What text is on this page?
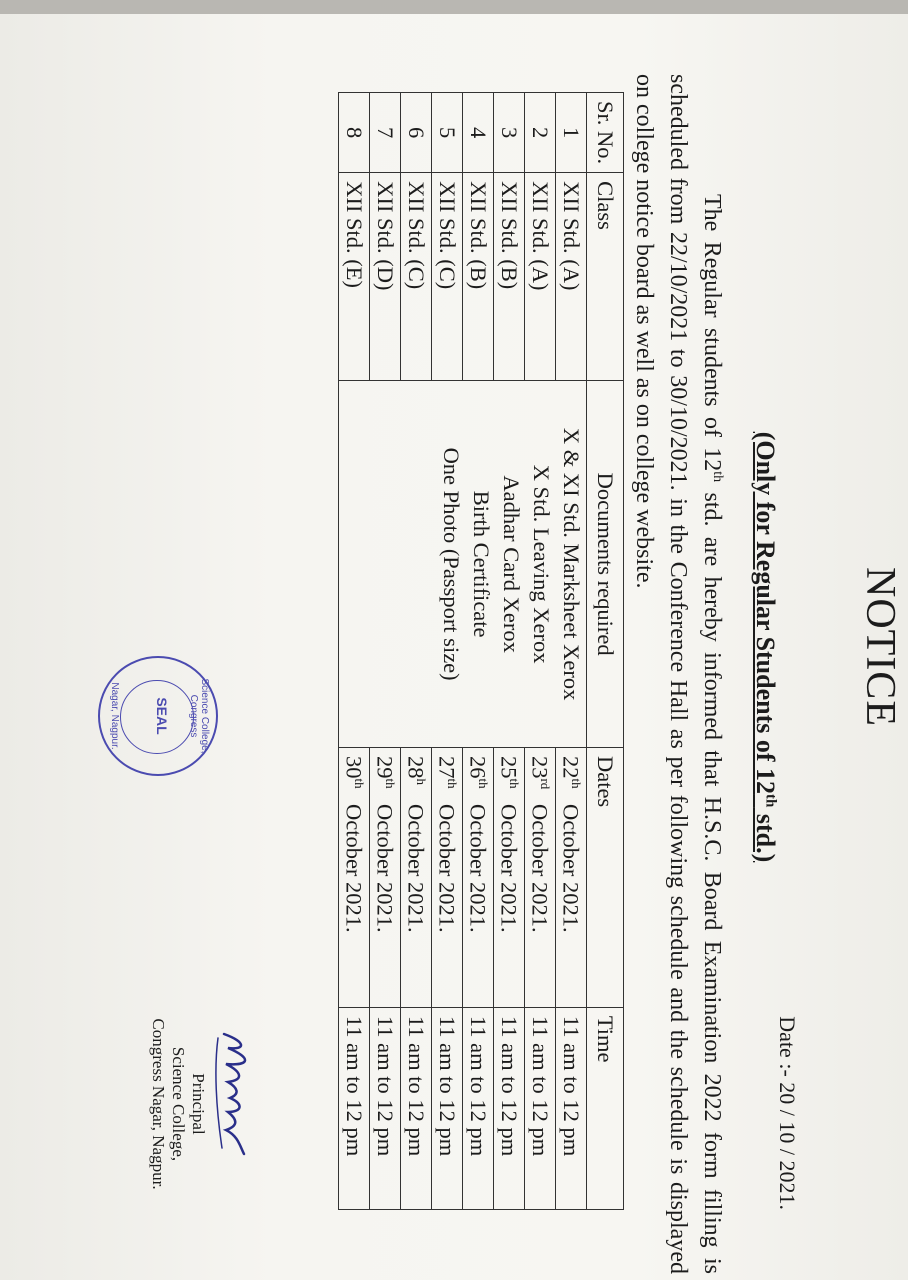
NOTICE
Date :- 20 / 10 / 2021.
(Only for Regular Students of 12th std.)
The Regular students of 12th std. are hereby informed that H.S.C. Board Examination 2022 form filling is scheduled from 22/10/2021 to 30/10/2021. in the Conference Hall as per following schedule and the schedule is displayed on college notice board as well as on college website.
Sr. No.	Class	Documents required	Dates	Time
1	XII Std. (A)	X & XI Std. Marksheet Xerox
X Std. Leaving Xerox
Aadhar Card Xerox
Birth Certificate
One Photo (Passport size)	22thOctober 2021.	11 am to 12 pm
2	XII Std. (A)		23rdOctober 2021.	11 am to 12 pm
3	XII Std. (B)		25thOctober 2021.	11 am to 12 pm
4	XII Std. (B)		26thOctober 2021.	11 am to 12 pm
5	XII Std. (C)		27thOctober 2021.	11 am to 12 pm
6	XII Std. (C)		28$^h$October 2021.	11 am to 12 pm
7	XII Std. (D)		29thOctober 2021.	11 am to 12 pm
8	XII Std. (E)		30thOctober 2021.	11 am to 12 pm
Science College, Congress
SEAL
Nagar, Nagpur.
Principal
Science College,
Congress Nagar, Nagpur.
